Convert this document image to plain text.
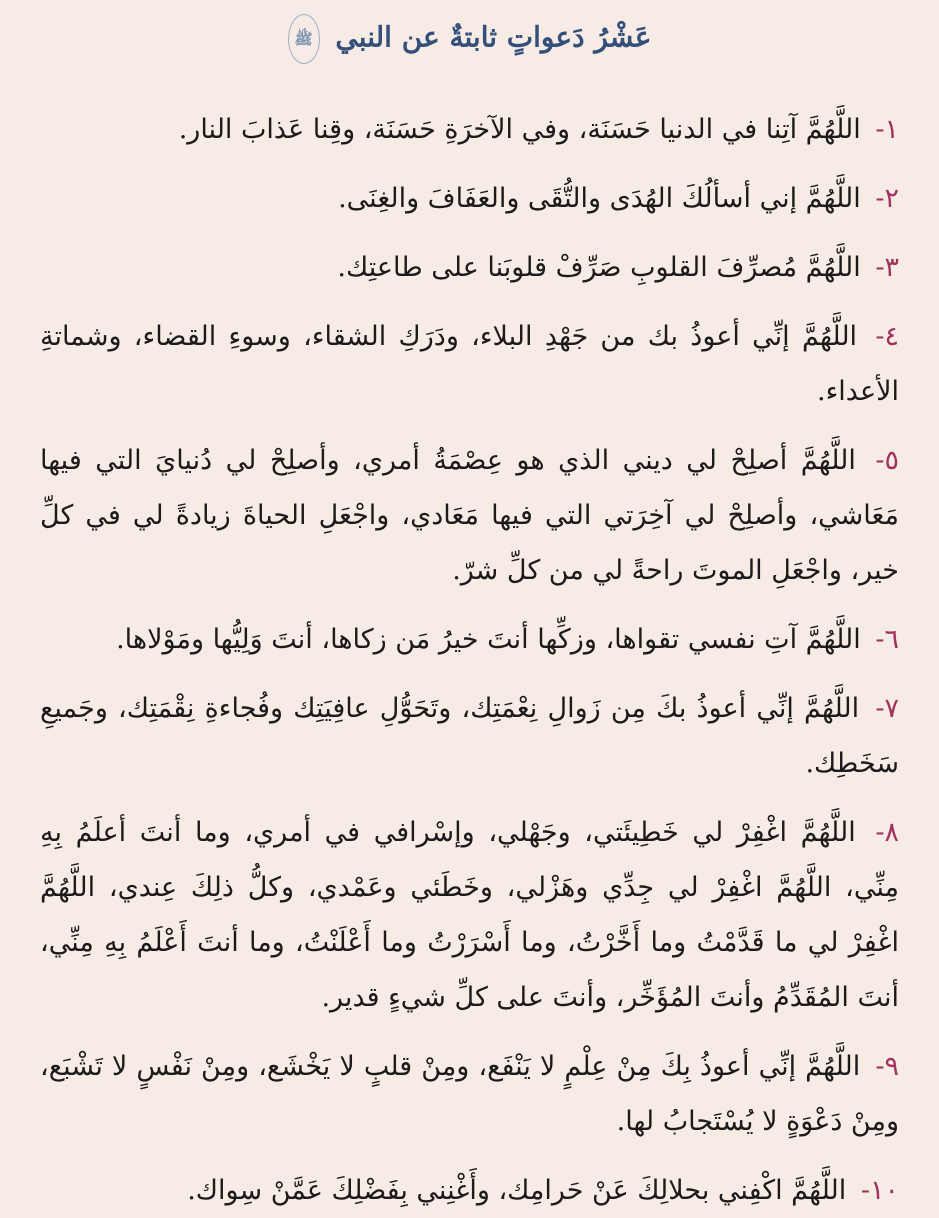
عَشْرُ دَعواتٍ ثابتةٌ عن النبي ﷺ
١- اللَّهُمَّ آتِنا في الدنيا حَسَنَة، وفي الآخرَةِ حَسَنَة، وقِنا عَذابَ النار.
٢- اللَّهُمَّ إني أسألُكَ الهُدَى والتُّقَى والعَفَافَ والغِنَى.
٣- اللَّهُمَّ مُصرِّفَ القلوبِ صَرِّفْ قلوبَنا على طاعتِك.
٤- اللَّهُمَّ إنِّي أعوذُ بك من جَهْدِ البلاء، ودَرَكِ الشقاء، وسوءِ القضاء، وشماتةِ الأعداء.
٥- اللَّهُمَّ أصلِحْ لي ديني الذي هو عِصْمَةُ أمري، وأصلِحْ لي دُنيايَ التي فيها مَعَاشي، وأصلِحْ لي آخِرَتي التي فيها مَعَادي، واجْعَلِ الحياةَ زيادةً لي في كلِّ خير، واجْعَلِ الموتَ راحةً لي من كلِّ شرّ.
٦- اللَّهُمَّ آتِ نفسي تقواها، وزكِّها أنتَ خيرُ مَن زكاها، أنتَ وَلِيُّها ومَوْلاها.
٧- اللَّهُمَّ إنِّي أعوذُ بكَ مِن زَوالِ نِعْمَتِك، وتَحَوُّلِ عافِيَتِك وفُجاءةِ نِقْمَتِك، وجَميعِ سَخَطِك.
٨- اللَّهُمَّ اغْفِرْ لي خَطِيئَتي، وجَهْلي، وإسْرافي في أمري، وما أنتَ أعلَمُ بِهِ مِنِّي، اللَّهُمَّ اغْفِرْ لي جِدِّي وهَزْلي، وخَطَئي وعَمْدي، وكلُّ ذلِكَ عِندي، اللَّهُمَّ اغْفِرْ لي ما قَدَّمْتُ وما أَخَّرْتُ، وما أَسْرَرْتُ وما أَعْلَنْتُ، وما أنتَ أَعْلَمُ بِهِ مِنِّي، أنتَ المُقَدِّمُ وأنتَ المُؤَخِّر، وأنتَ على كلِّ شيءٍ قدير.
٩- اللَّهُمَّ إنِّي أعوذُ بِكَ مِنْ عِلْمٍ لا يَنْفَع، ومِنْ قلبٍ لا يَخْشَع، ومِنْ نَفْسٍ لا تَشْبَع، ومِنْ دَعْوَةٍ لا يُسْتَجابُ لها.
١٠- اللَّهُمَّ اكْفِني بحلالِكَ عَنْ حَرامِك، وأَغْنِني بِفَضْلِكَ عَمَّنْ سِواك.
